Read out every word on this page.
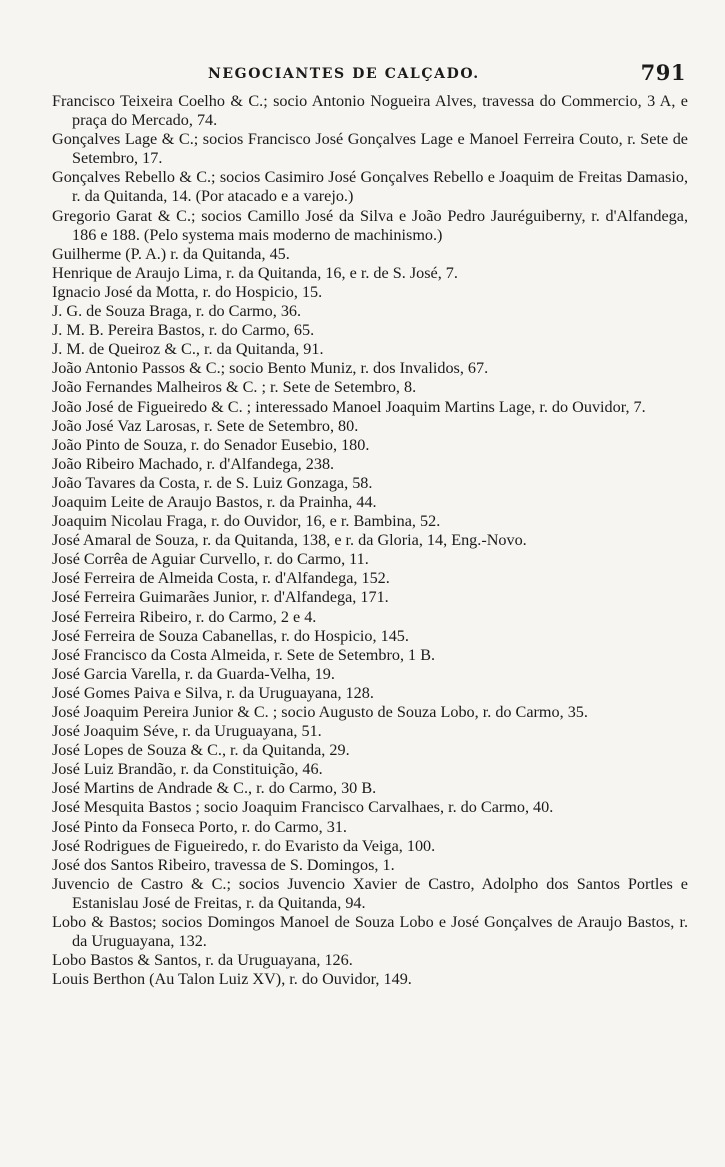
NEGOCIANTES DE CALÇADO.	791

Francisco Teixeira Coelho & C.; socio Antonio Nogueira Alves, travessa do Commercio, 3 A, e praça do Mercado, 74.

Gonçalves Lage & C.; socios Francisco José Gonçalves Lage e Manoel Ferreira Couto, r. Sete de Setembro, 17.

Gonçalves Rebello & C.; socios Casimiro José Gonçalves Rebello e Joaquim de Freitas Damasio, r. da Quitanda, 14. (Por atacado e a varejo.)

Gregorio Garat & C.; socios Camillo José da Silva e João Pedro Jauréguiberny, r. d'Alfandega, 186 e 188. (Pelo systema mais moderno de machinismo.)

Guilherme (P. A.) r. da Quitanda, 45.

Henrique de Araujo Lima, r. da Quitanda, 16, e r. de S. José, 7.

Ignacio José da Motta, r. do Hospicio, 15.

J. G. de Souza Braga, r. do Carmo, 36.

J. M. B. Pereira Bastos, r. do Carmo, 65.

J. M. de Queiroz & C., r. da Quitanda, 91.

João Antonio Passos & C.; socio Bento Muniz, r. dos Invalidos, 67.

João Fernandes Malheiros & C. ; r. Sete de Setembro, 8.

João José de Figueiredo & C. ; interessado Manoel Joaquim Martins Lage, r. do Ouvidor, 7.

João José Vaz Larosas, r. Sete de Setembro, 80.

João Pinto de Souza, r. do Senador Eusebio, 180.

João Ribeiro Machado, r. d'Alfandega, 238.

João Tavares da Costa, r. de S. Luiz Gonzaga, 58.

Joaquim Leite de Araujo Bastos, r. da Prainha, 44.

Joaquim Nicolau Fraga, r. do Ouvidor, 16, e r. Bambina, 52.

José Amaral de Souza, r. da Quitanda, 138, e r. da Gloria, 14, Eng.-Novo.

José Corrêa de Aguiar Curvello, r. do Carmo, 11.

José Ferreira de Almeida Costa, r. d'Alfandega, 152.

José Ferreira Guimarães Junior, r. d'Alfandega, 171.

José Ferreira Ribeiro, r. do Carmo, 2 e 4.

José Ferreira de Souza Cabanellas, r. do Hospicio, 145.

José Francisco da Costa Almeida, r. Sete de Setembro, 1 B.

José Garcia Varella, r. da Guarda-Velha, 19.

José Gomes Paiva e Silva, r. da Uruguayana, 128.

José Joaquim Pereira Junior & C. ; socio Augusto de Souza Lobo, r. do Carmo, 35.

José Joaquim Séve, r. da Uruguayana, 51.

José Lopes de Souza & C., r. da Quitanda, 29.

José Luiz Brandão, r. da Constituição, 46.

José Martins de Andrade & C., r. do Carmo, 30 B.

José Mesquita Bastos ; socio Joaquim Francisco Carvalhaes, r. do Carmo, 40.

José Pinto da Fonseca Porto, r. do Carmo, 31.

José Rodrigues de Figueiredo, r. do Evaristo da Veiga, 100.

José dos Santos Ribeiro, travessa de S. Domingos, 1.

Juvencio de Castro & C.; socios Juvencio Xavier de Castro, Adolpho dos Santos Portles e Estanislau José de Freitas, r. da Quitanda, 94.

Lobo & Bastos; socios Domingos Manoel de Souza Lobo e José Gonçalves de Araujo Bastos, r. da Uruguayana, 132.

Lobo Bastos & Santos, r. da Uruguayana, 126.

Louis Berthon (Au Talon Luiz XV), r. do Ouvidor, 149.
